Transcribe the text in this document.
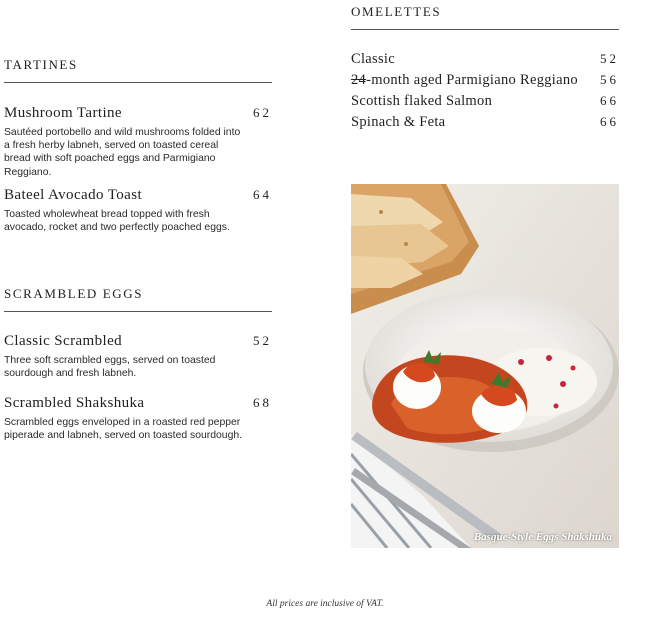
TARTINES
Mushroom Tartine	62
Sautéed portobello and wild mushrooms folded into a fresh herby labneh, served on toasted cereal bread with soft poached eggs and Parmigiano Reggiano.
Bateel Avocado Toast	64
Toasted wholewheat bread topped with fresh avocado, rocket and two perfectly poached eggs.
SCRAMBLED EGGS
Classic Scrambled	52
Three soft scrambled eggs, served on toasted sourdough and fresh labneh.
Scrambled Shakshuka	68
Scrambled eggs enveloped in a roasted red pepper piperade and labneh, served on toasted sourdough.
OMELETTES
Classic	52
24-month aged Parmigiano Reggiano 56
Scottish flaked Salmon	66
Spinach & Feta	66
Basque-Style Eggs Shakshuka
All prices are inclusive of VAT.
